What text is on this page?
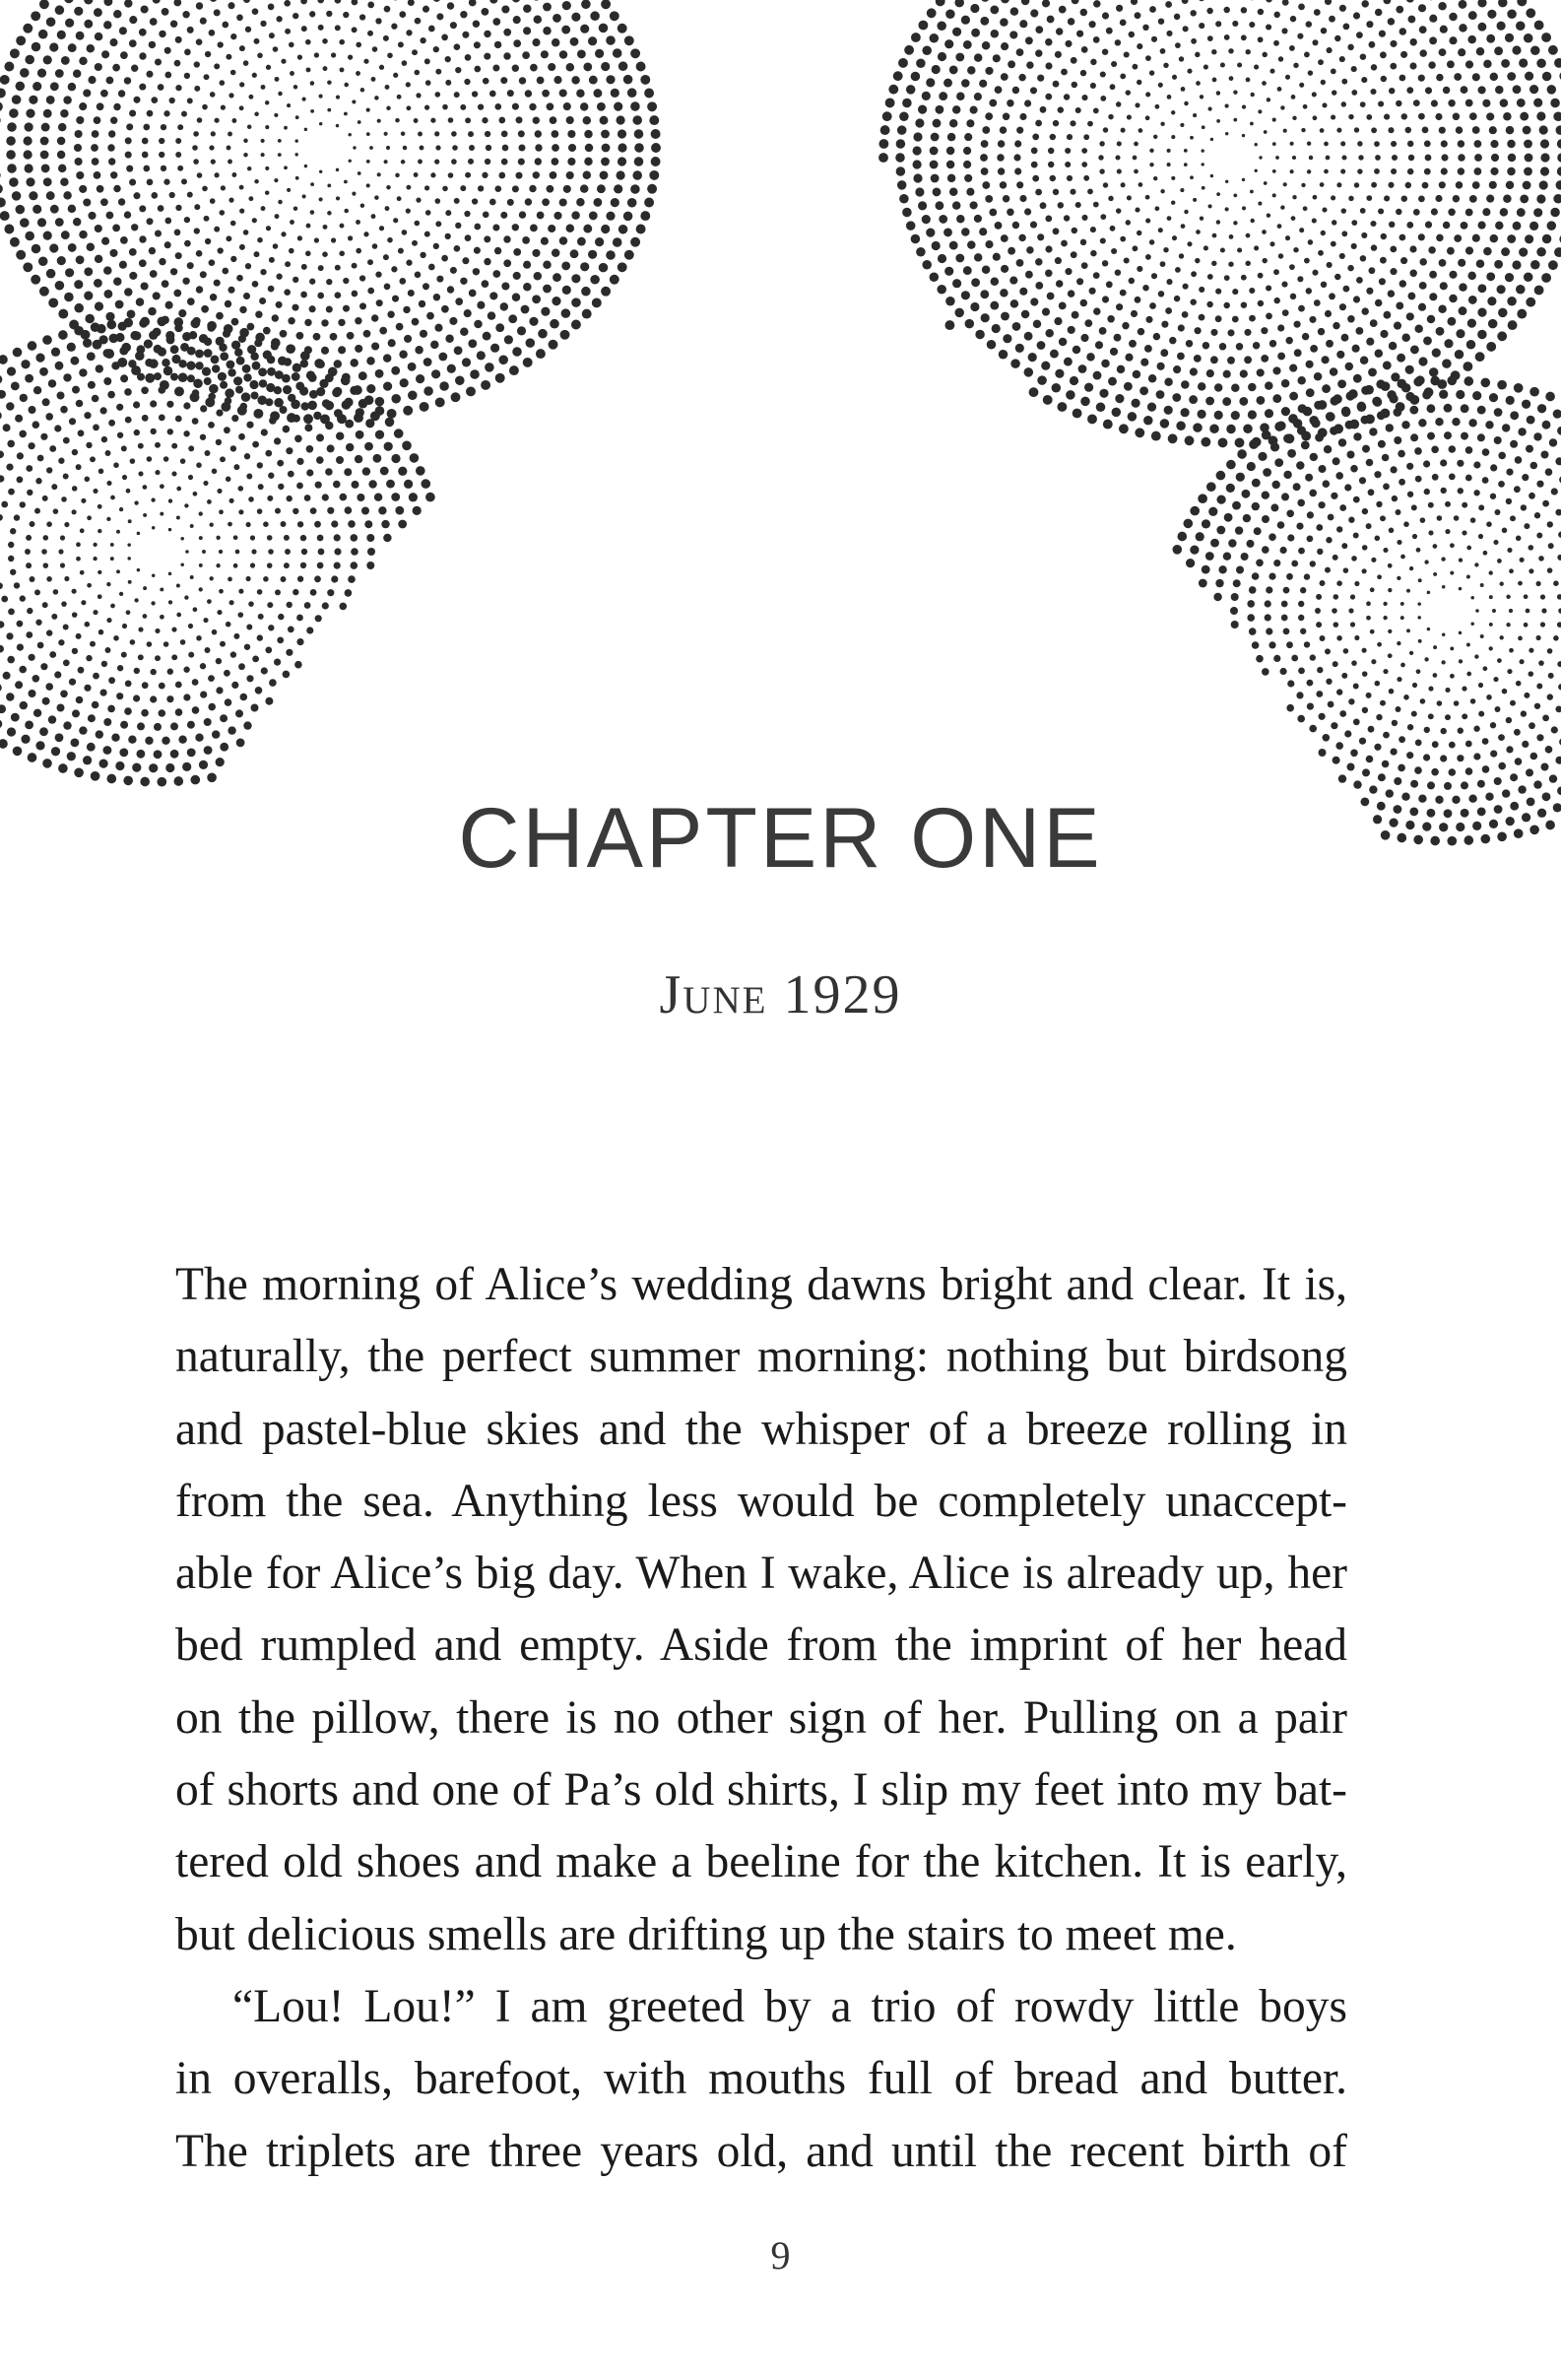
CHAPTER ONE
June 1929

The morning of Alice’s wedding dawns bright and clear. It is,
naturally, the perfect summer morning: nothing but birdsong
and pastel-blue skies and the whisper of a breeze rolling in
from the sea. Anything less would be completely unaccept-
able for Alice’s big day. When I wake, Alice is already up, her
bed rumpled and empty. Aside from the imprint of her head
on the pillow, there is no other sign of her. Pulling on a pair
of shorts and one of Pa’s old shirts, I slip my feet into my bat-
tered old shoes and make a beeline for the kitchen. It is early,
but delicious smells are drifting up the stairs to meet me.

“Lou! Lou!” I am greeted by a trio of rowdy little boys
in overalls, barefoot, with mouths full of bread and butter.
The triplets are three years old, and until the recent birth of

9
